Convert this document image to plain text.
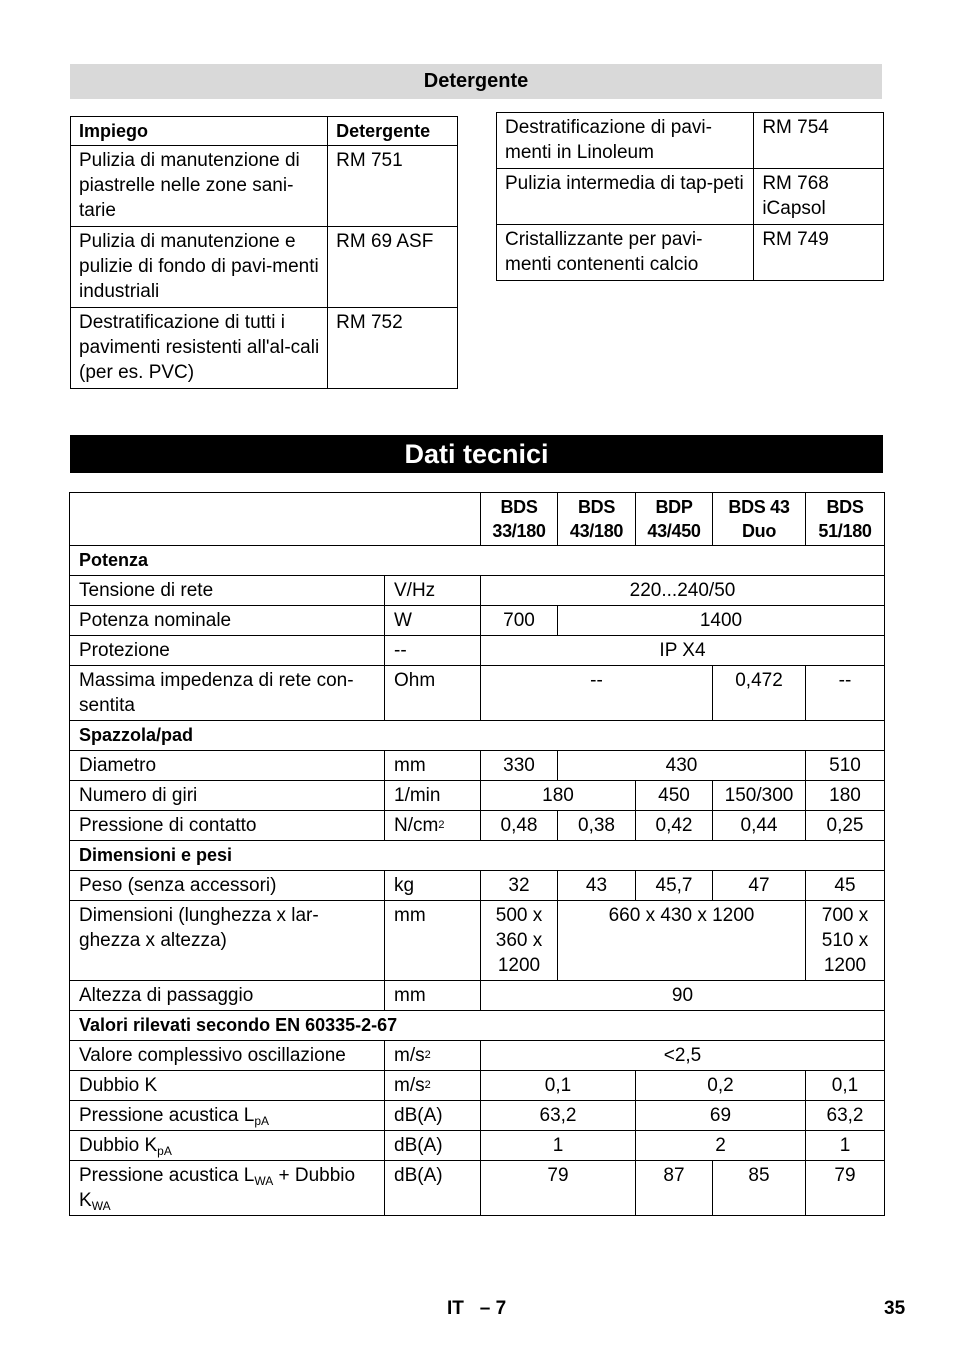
Detergente
Impiego	Detergente
Pulizia di manutenzione di piastrelle nelle zone sani-tarie	RM 751
Pulizia di manutenzione e pulizie di fondo di pavi-menti industriali	RM 69 ASF
Destratificazione di tutti i pavimenti resistenti all'al-cali (per es. PVC)	RM 752
Destratificazione di pavi-menti in Linoleum	RM 754
Pulizia intermedia di tap-peti	RM 768 iCapsol
Cristallizzante per pavi-menti contenenti calcio	RM 749
Dati tecnici
		BDS 33/180	BDS 43/180	BDP 43/450	BDS 43 Duo	BDS 51/180
Potenza						
Tensione di rete	V/Hz	220...240/50				
Potenza nominale	W	700	1400			
Protezione	--	IP X4				
Massima impedenza di rete con-sentita	Ohm	--			0,472	--
Spazzola/pad						
Diametro	mm	330	430			510
Numero di giri	1/min	180		450	150/300	180
Pressione di contatto	$N/cm^2$	0,48	0,38	0,42	0,44	0,25
Dimensioni e pesi						
Peso (senza accessori)	kg	32	43	45,7	47	45
Dimensioni (lunghezza x lar-ghezza x altezza)	mm	500 x 360 x 1200	660 x 430 x 1200			700 x 510 x 1200
Altezza di passaggio	mm	90				
Valori rilevati secondo EN 60335-2-67						
Valore complessivo oscillazione	$m/s^2$	<2,5				
Dubbio K	$m/s^2$	0,1		0,2		0,1
Pressione acustica $L_{pA}$	dB(A)	63,2		69		63,2
Dubbio $K_{pA}$	dB(A)	1		2		1
Pressione acustica $L_{WA}$ + Dubbio $K_{WA}$	dB(A)	79		87	85	79
IT – 7	35
